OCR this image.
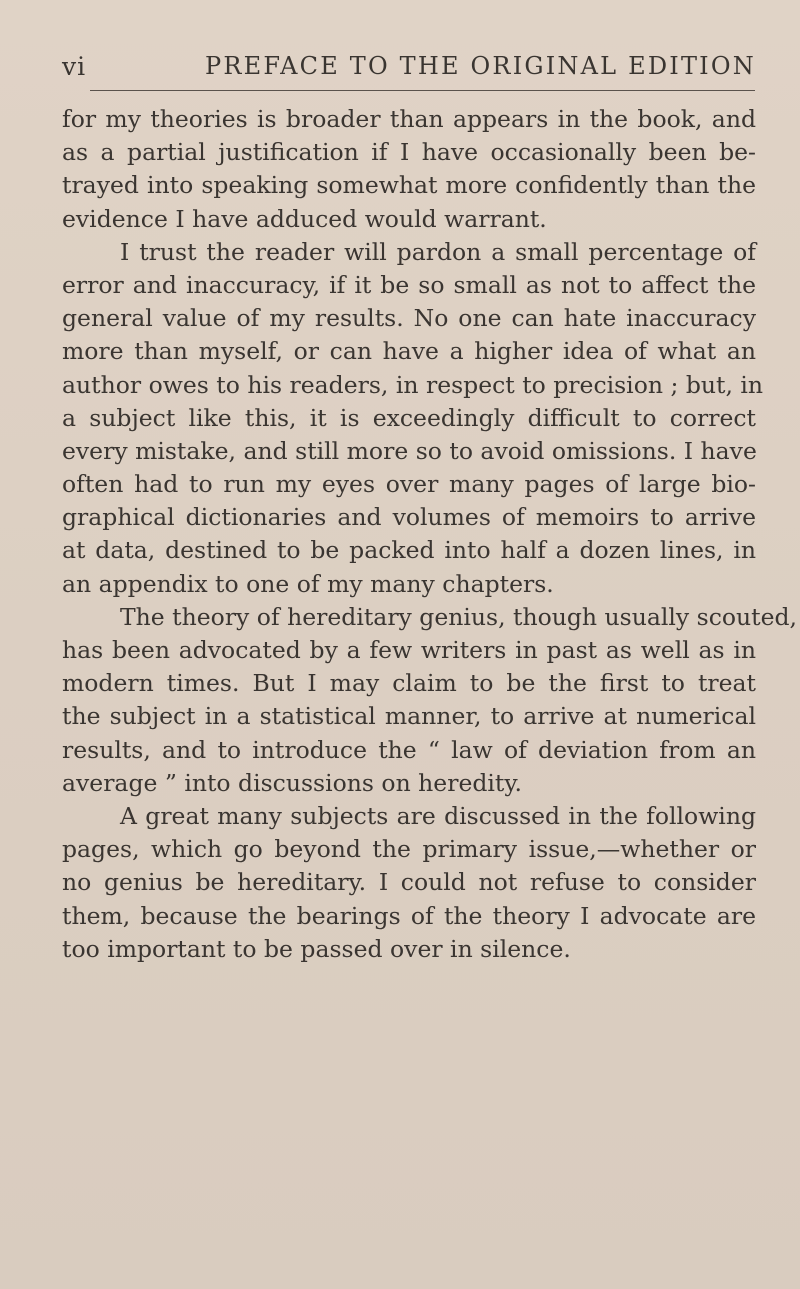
vi	PREFACE TO THE ORIGINAL EDITION
for my theories is broader than appears in the book, and
as a partial justification if I have occasionally been be-
trayed into speaking somewhat more confidently than the
evidence I have adduced would warrant.
I trust the reader will pardon a small percentage of
error and inaccuracy, if it be so small as not to affect the
general value of my results. No one can hate inaccuracy
more than myself, or can have a higher idea of what an
author owes to his readers, in respect to precision ; but, in
a subject like this, it is exceedingly difficult to correct
every mistake, and still more so to avoid omissions. I have
often had to run my eyes over many pages of large bio-
graphical dictionaries and volumes of memoirs to arrive
at data, destined to be packed into half a dozen lines, in
an appendix to one of my many chapters.
The theory of hereditary genius, though usually scouted,
has been advocated by a few writers in past as well as in
modern times. But I may claim to be the first to treat
the subject in a statistical manner, to arrive at numerical
results, and to introduce the “ law of deviation from an
average ” into discussions on heredity.
A great many subjects are discussed in the following
pages, which go beyond the primary issue,—whether or
no genius be hereditary. I could not refuse to consider
them, because the bearings of the theory I advocate are
too important to be passed over in silence.
